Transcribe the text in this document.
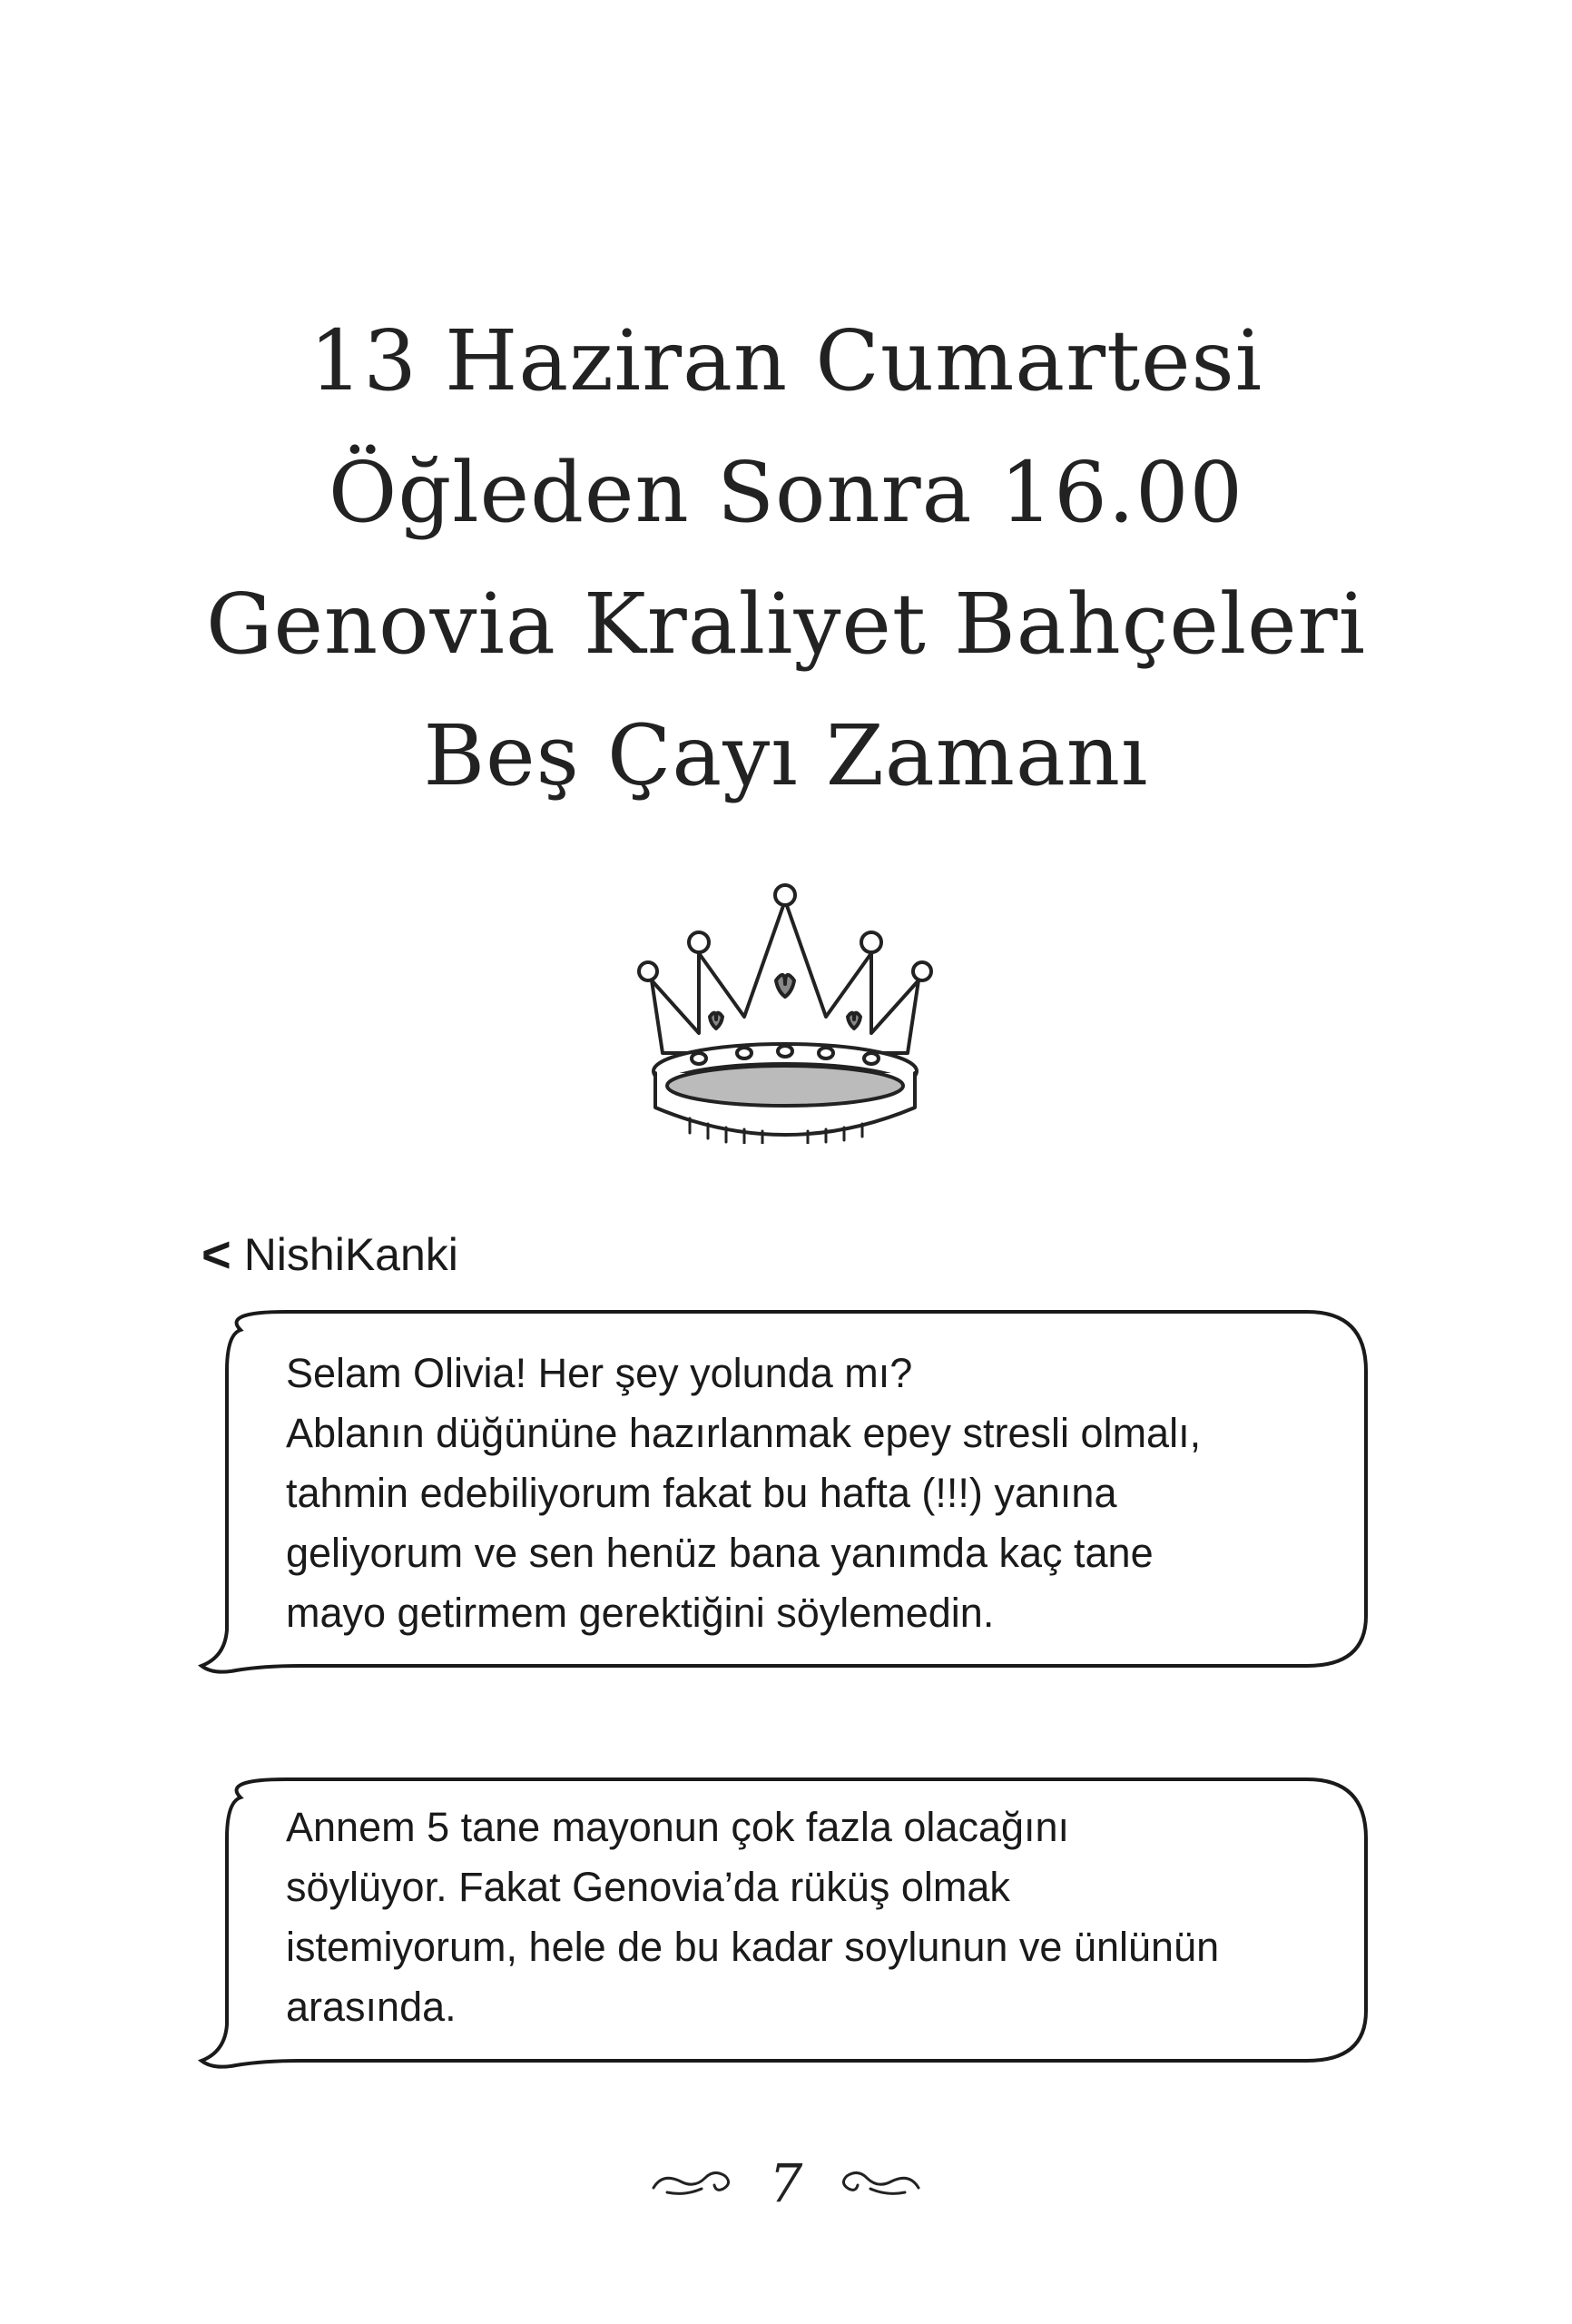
13 Haziran Cumartesi
Öğleden Sonra 16.00
Genovia Kraliyet Bahçeleri
Beş Çayı Zamanı
< NishiKanki
Selam Olivia! Her şey yolunda mı?
Ablanın düğününe hazırlanmak epey stresli olmalı,
tahmin edebiliyorum fakat bu hafta (!!!) yanına
geliyorum ve sen henüz bana yanımda kaç tane
mayo getirmem gerektiğini söylemedin.
Annem 5 tane mayonun çok fazla olacağını
söylüyor. Fakat Genovia’da rüküş olmak
istemiyorum, hele de bu kadar soylunun ve ünlünün
arasında.
7
